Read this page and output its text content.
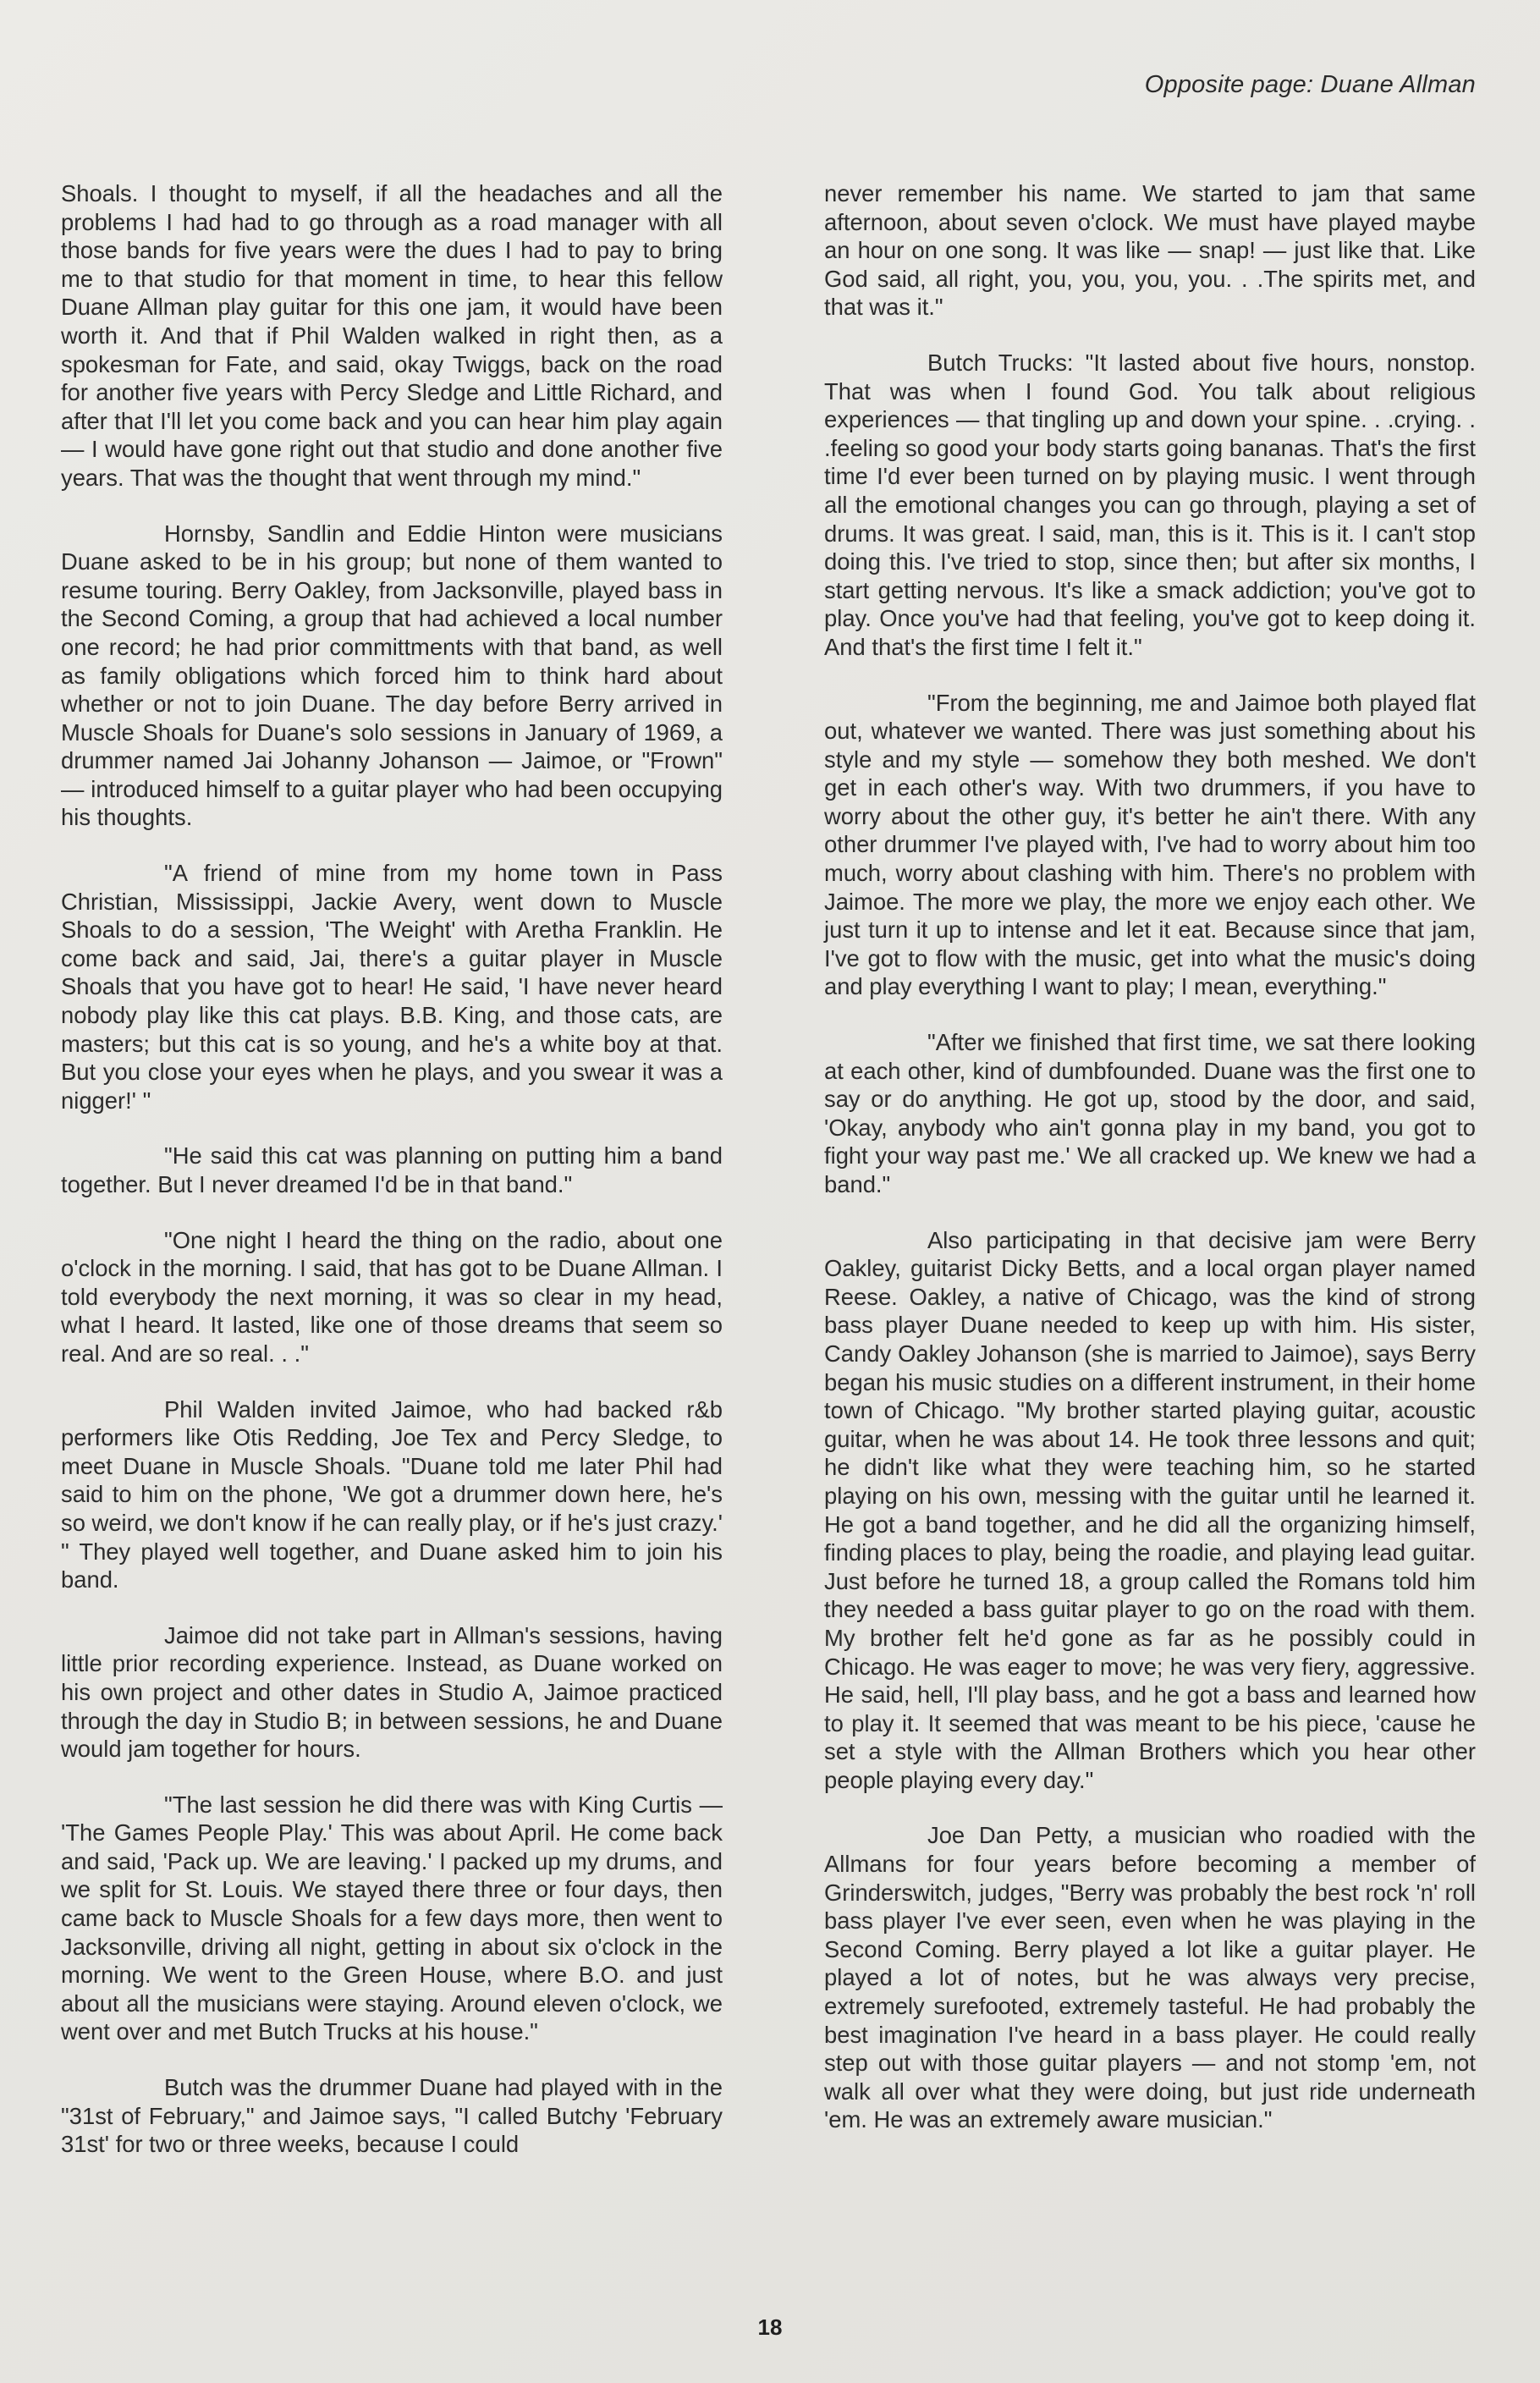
Opposite page: Duane Allman

Shoals. I thought to myself, if all the headaches and all the problems I had had to go through as a road manager with all those bands for five years were the dues I had to pay to bring me to that studio for that moment in time, to hear this fellow Duane Allman play guitar for this one jam, it would have been worth it. And that if Phil Walden walked in right then, as a spokesman for Fate, and said, okay Twiggs, back on the road for another five years with Percy Sledge and Little Richard, and after that I'll let you come back and you can hear him play again — I would have gone right out that studio and done another five years. That was the thought that went through my mind."

Hornsby, Sandlin and Eddie Hinton were musicians Duane asked to be in his group; but none of them wanted to resume touring. Berry Oakley, from Jacksonville, played bass in the Second Coming, a group that had achieved a local number one record; he had prior committments with that band, as well as family obligations which forced him to think hard about whether or not to join Duane. The day before Berry arrived in Muscle Shoals for Duane's solo sessions in January of 1969, a drummer named Jai Johanny Johanson — Jaimoe, or "Frown" — introduced himself to a guitar player who had been occupying his thoughts.

"A friend of mine from my home town in Pass Christian, Mississippi, Jackie Avery, went down to Muscle Shoals to do a session, 'The Weight' with Aretha Franklin. He come back and said, Jai, there's a guitar player in Muscle Shoals that you have got to hear! He said, 'I have never heard nobody play like this cat plays. B.B. King, and those cats, are masters; but this cat is so young, and he's a white boy at that. But you close your eyes when he plays, and you swear it was a nigger!' "

"He said this cat was planning on putting him a band together. But I never dreamed I'd be in that band."

"One night I heard the thing on the radio, about one o'clock in the morning. I said, that has got to be Duane Allman. I told everybody the next morning, it was so clear in my head, what I heard. It lasted, like one of those dreams that seem so real. And are so real. . ."

Phil Walden invited Jaimoe, who had backed r&b performers like Otis Redding, Joe Tex and Percy Sledge, to meet Duane in Muscle Shoals. "Duane told me later Phil had said to him on the phone, 'We got a drummer down here, he's so weird, we don't know if he can really play, or if he's just crazy.' " They played well together, and Duane asked him to join his band.

Jaimoe did not take part in Allman's sessions, having little prior recording experience. Instead, as Duane worked on his own project and other dates in Studio A, Jaimoe practiced through the day in Studio B; in between sessions, he and Duane would jam together for hours.

"The last session he did there was with King Curtis — 'The Games People Play.' This was about April. He come back and said, 'Pack up. We are leaving.' I packed up my drums, and we split for St. Louis. We stayed there three or four days, then came back to Muscle Shoals for a few days more, then went to Jacksonville, driving all night, getting in about six o'clock in the morning. We went to the Green House, where B.O. and just about all the musicians were staying. Around eleven o'clock, we went over and met Butch Trucks at his house."

Butch was the drummer Duane had played with in the "31st of February," and Jaimoe says, "I called Butchy 'February 31st' for two or three weeks, because I could

never remember his name. We started to jam that same afternoon, about seven o'clock. We must have played maybe an hour on one song. It was like — snap! — just like that. Like God said, all right, you, you, you, you. . .The spirits met, and that was it."

Butch Trucks: "It lasted about five hours, nonstop. That was when I found God. You talk about religious experiences — that tingling up and down your spine. . .crying. . .feeling so good your body starts going bananas. That's the first time I'd ever been turned on by playing music. I went through all the emotional changes you can go through, playing a set of drums. It was great. I said, man, this is it. This is it. I can't stop doing this. I've tried to stop, since then; but after six months, I start getting nervous. It's like a smack addiction; you've got to play. Once you've had that feeling, you've got to keep doing it. And that's the first time I felt it."

"From the beginning, me and Jaimoe both played flat out, whatever we wanted. There was just something about his style and my style — somehow they both meshed. We don't get in each other's way. With two drummers, if you have to worry about the other guy, it's better he ain't there. With any other drummer I've played with, I've had to worry about him too much, worry about clashing with him. There's no problem with Jaimoe. The more we play, the more we enjoy each other. We just turn it up to intense and let it eat. Because since that jam, I've got to flow with the music, get into what the music's doing and play everything I want to play; I mean, everything."

"After we finished that first time, we sat there looking at each other, kind of dumbfounded. Duane was the first one to say or do anything. He got up, stood by the door, and said, 'Okay, anybody who ain't gonna play in my band, you got to fight your way past me.' We all cracked up. We knew we had a band."

Also participating in that decisive jam were Berry Oakley, guitarist Dicky Betts, and a local organ player named Reese. Oakley, a native of Chicago, was the kind of strong bass player Duane needed to keep up with him. His sister, Candy Oakley Johanson (she is married to Jaimoe), says Berry began his music studies on a different instrument, in their home town of Chicago. "My brother started playing guitar, acoustic guitar, when he was about 14. He took three lessons and quit; he didn't like what they were teaching him, so he started playing on his own, messing with the guitar until he learned it. He got a band together, and he did all the organizing himself, finding places to play, being the roadie, and playing lead guitar. Just before he turned 18, a group called the Romans told him they needed a bass guitar player to go on the road with them. My brother felt he'd gone as far as he possibly could in Chicago. He was eager to move; he was very fiery, aggressive. He said, hell, I'll play bass, and he got a bass and learned how to play it. It seemed that was meant to be his piece, 'cause he set a style with the Allman Brothers which you hear other people playing every day."

Joe Dan Petty, a musician who roadied with the Allmans for four years before becoming a member of Grinderswitch, judges, "Berry was probably the best rock 'n' roll bass player I've ever seen, even when he was playing in the Second Coming. Berry played a lot like a guitar player. He played a lot of notes, but he was always very precise, extremely surefooted, extremely tasteful. He had probably the best imagination I've heard in a bass player. He could really step out with those guitar players — and not stomp 'em, not walk all over what they were doing, but just ride underneath 'em. He was an extremely aware musician."

18
